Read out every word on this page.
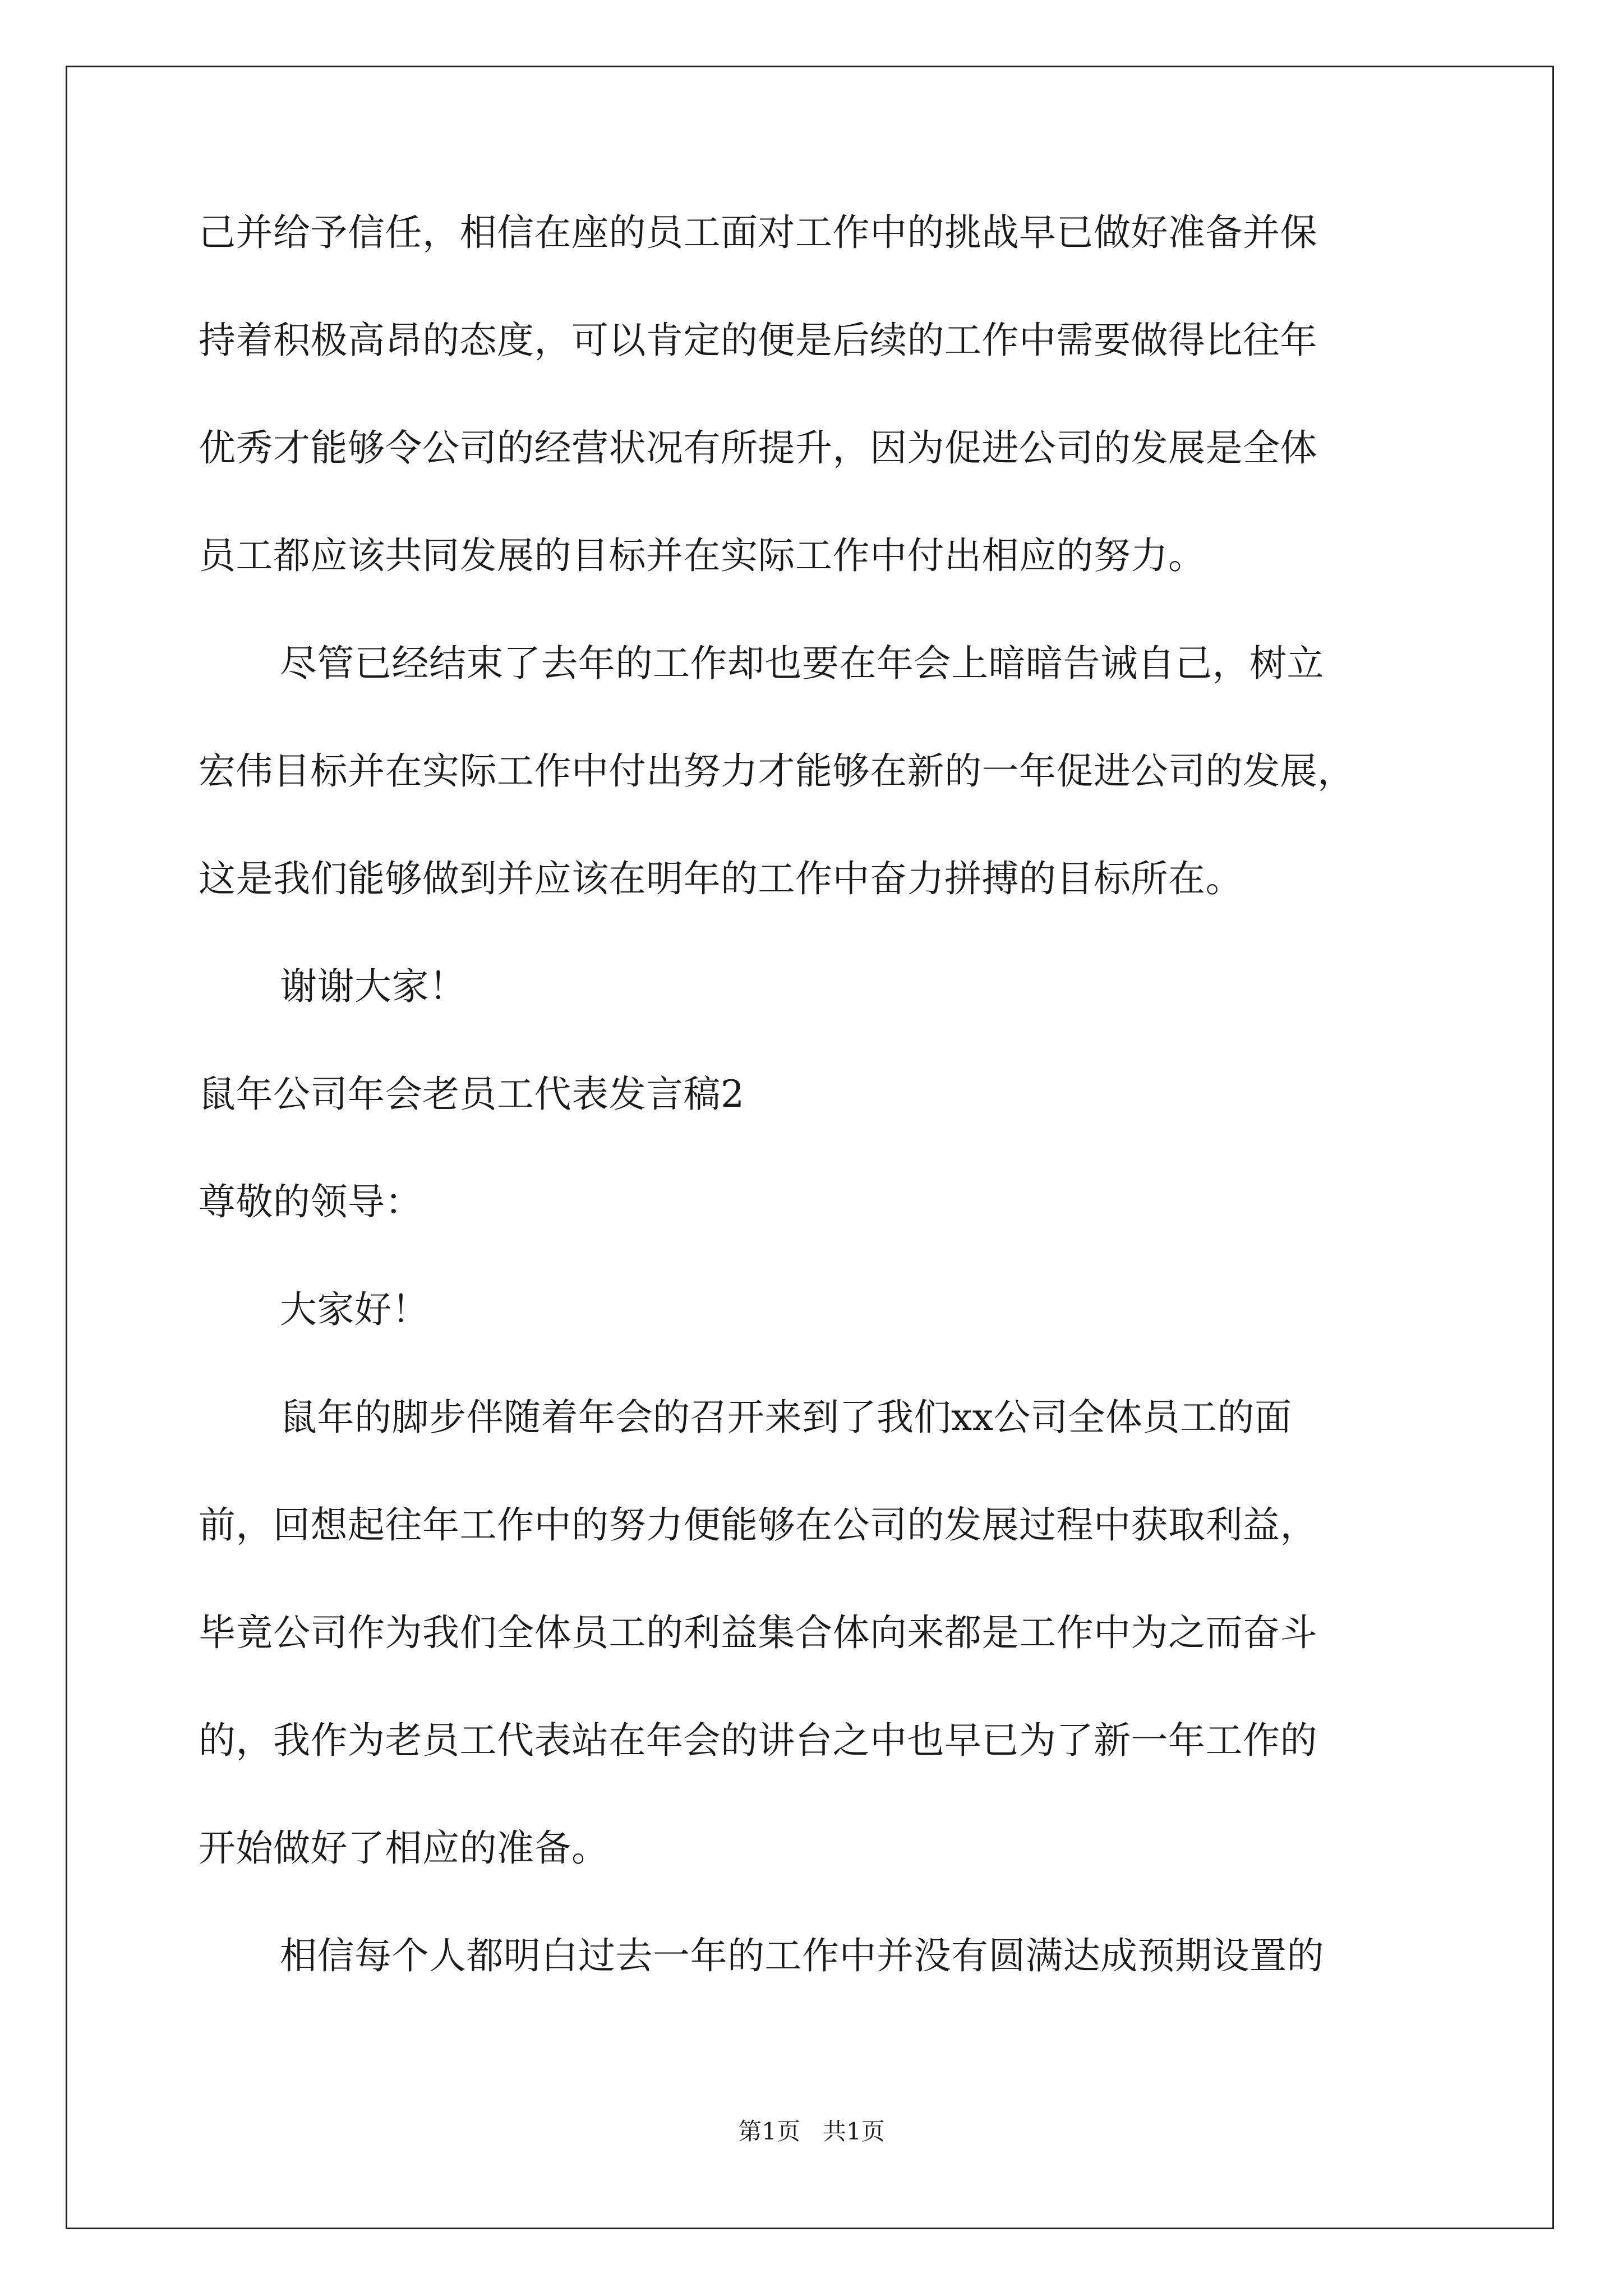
己并给予信任，相信在座的员工面对工作中的挑战早已做好准备并保
持着积极高昂的态度，可以肯定的便是后续的工作中需要做得比往年
优秀才能够令公司的经营状况有所提升，因为促进公司的发展是全体
员工都应该共同发展的目标并在实际工作中付出相应的努力。
尽管已经结束了去年的工作却也要在年会上暗暗告诫自己，树立
宏伟目标并在实际工作中付出努力才能够在新的一年促进公司的发展，
这是我们能够做到并应该在明年的工作中奋力拼搏的目标所在。
谢谢大家！
鼠年公司年会老员工代表发言稿2
尊敬的领导：
大家好！
鼠年的脚步伴随着年会的召开来到了我们xx公司全体员工的面
前，回想起往年工作中的努力便能够在公司的发展过程中获取利益，
毕竟公司作为我们全体员工的利益集合体向来都是工作中为之而奋斗
的，我作为老员工代表站在年会的讲台之中也早已为了新一年工作的
开始做好了相应的准备。
相信每个人都明白过去一年的工作中并没有圆满达成预期设置的
第1页   共1页
